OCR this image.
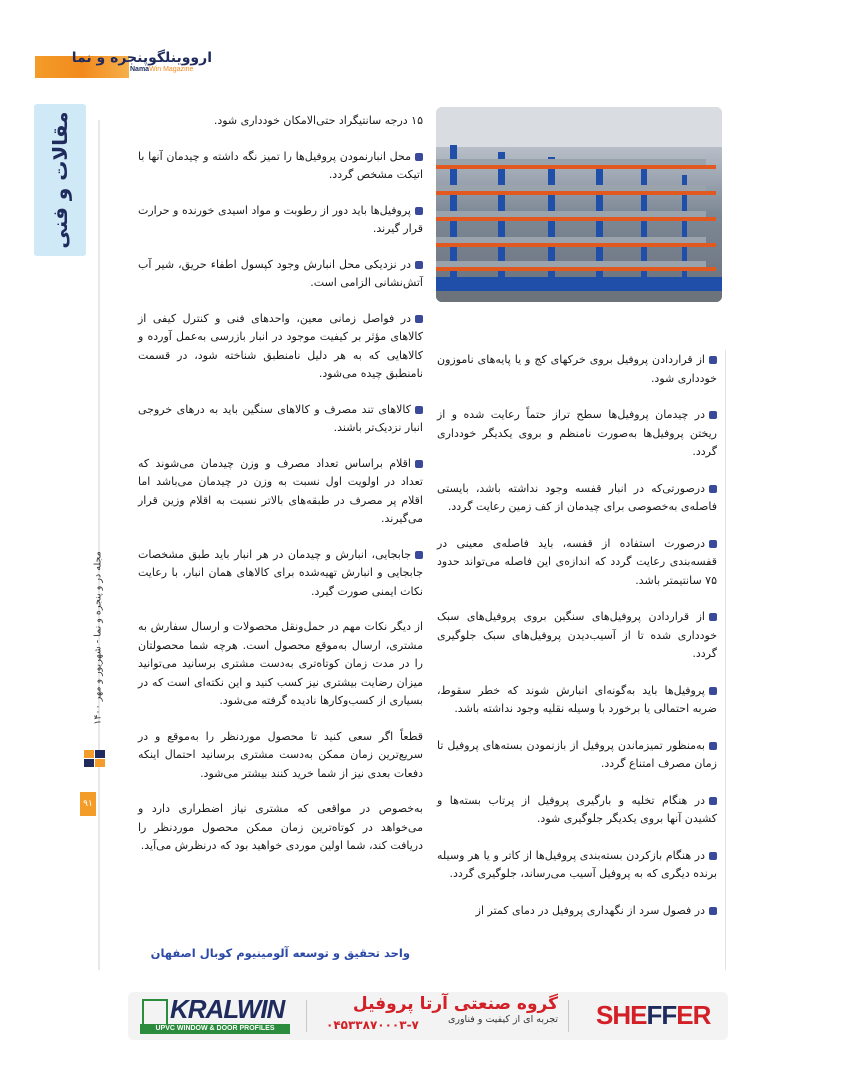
ارووینلگوپنجره و نما
NamaWin Magazine
مقالات و فنی
مجله در و پنجره و نما - شهریور و مهر ۱۴۰۰
۹۱

۱۵ درجه سانتیگراد حتی‌الامکان خودداری شود.

محل انبارنمودن پروفیل‌ها را تمیز نگه داشته و چیدمان آنها با اتیکت مشخص گردد.

پروفیل‌ها باید دور از رطوبت و مواد اسیدی خورنده و حرارت قرار گیرند.

در نزدیکی محل انبارش وجود کپسول اطفاء حریق، شیر آب آتش‌نشانی الزامی است.

در فواصل زمانی معین، واحدهای فنی و کنترل کیفی از کالاهای مؤثر بر کیفیت موجود در انبار بازرسی به‌عمل آورده و کالاهایی که به هر دلیل نامنطبق شناخته شود، در قسمت نامنطبق چیده می‌شود.

کالاهای تند مصرف و کالاهای سنگین باید به درهای خروجی انبار نزدیک‌تر باشند.

اقلام براساس تعداد مصرف و وزن چیدمان می‌شوند که تعداد در اولویت اول نسبت به وزن در چیدمان می‌باشد اما اقلام پر مصرف در طبقه‌های بالاتر نسبت به اقلام وزین قرار می‌گیرند.

جابجایی، انبارش و چیدمان در هر انبار باید طبق مشخصات جابجایی و انبارش تهیه‌شده برای کالاهای همان انبار، با رعایت نکات ایمنی صورت گیرد.

از دیگر نکات مهم در حمل‌ونقل محصولات و ارسال سفارش به مشتری، ارسال به‌موقع محصول است. هرچه شما محصولتان را در مدت زمان کوتاه‌تری به‌دست مشتری برسانید می‌توانید میزان رضایت بیشتری نیز کسب کنید و این نکته‌ای است که در بسیاری از کسب‌وکارها نادیده گرفته می‌شود.

قطعاً اگر سعی کنید تا محصول موردنظر را به‌موقع و در سریع‌ترین زمان ممکن به‌دست مشتری برسانید احتمال اینکه دفعات بعدی نیز از شما خرید کنند بیشتر می‌شود.

به‌خصوص در مواقعی که مشتری نیاز اضطراری دارد و می‌خواهد در کوتاه‌ترین زمان ممکن محصول موردنظر را دریافت کند، شما اولین موردی خواهید بود که درنظرش می‌آید.

از قراردادن پروفیل بروی خرکهای کج و یا پایه‌های ناموزون خودداری شود.

در چیدمان پروفیل‌ها سطح تراز حتماً رعایت شده و از ریختن پروفیل‌ها به‌صورت نامنظم و بروی یکدیگر خودداری گردد.

درصورتی‌که در انبار قفسه وجود نداشته باشد، بایستی فاصله‌ی به‌خصوصی برای چیدمان از کف زمین رعایت گردد.

درصورت استفاده از قفسه، باید فاصله‌ی معینی در قفسه‌بندی رعایت گردد که اندازه‌ی این فاصله می‌تواند حدود ۷۵ سانتیمتر باشد.

از قراردادن پروفیل‌های سنگین بروی پروفیل‌های سبک خودداری شده تا از آسیب‌دیدن پروفیل‌های سبک جلوگیری گردد.

پروفیل‌ها باید به‌گونه‌ای انبارش شوند که خطر سقوط، ضربه احتمالی یا برخورد با وسیله نقلیه وجود نداشته باشد.

به‌منظور تمیزماندن پروفیل از بازنمودن بسته‌های پروفیل تا زمان مصرف امتناع گردد.

در هنگام تخلیه و بارگیری پروفیل از پرتاب بسته‌ها و کشیدن آنها بروی یکدیگر جلوگیری شود.

در هنگام بازکردن بسته‌بندی پروفیل‌ها از کاتر و یا هر وسیله برنده دیگری که به پروفیل آسیب می‌رساند، جلوگیری گردد.

در فصول سرد از نگهداری پروفیل در دمای کمتر از

واحد تحقیق و توسعه آلومینیوم کوبال اصفهان
KRALWIN
UPVC WINDOW & DOOR PROFILES
گروه صنعتی آرتا پروفیل
تجربه ای از کیفیت و فناوری
۰۴۵۳۳۸۷۰۰۰۳-۷	SHEFFER
